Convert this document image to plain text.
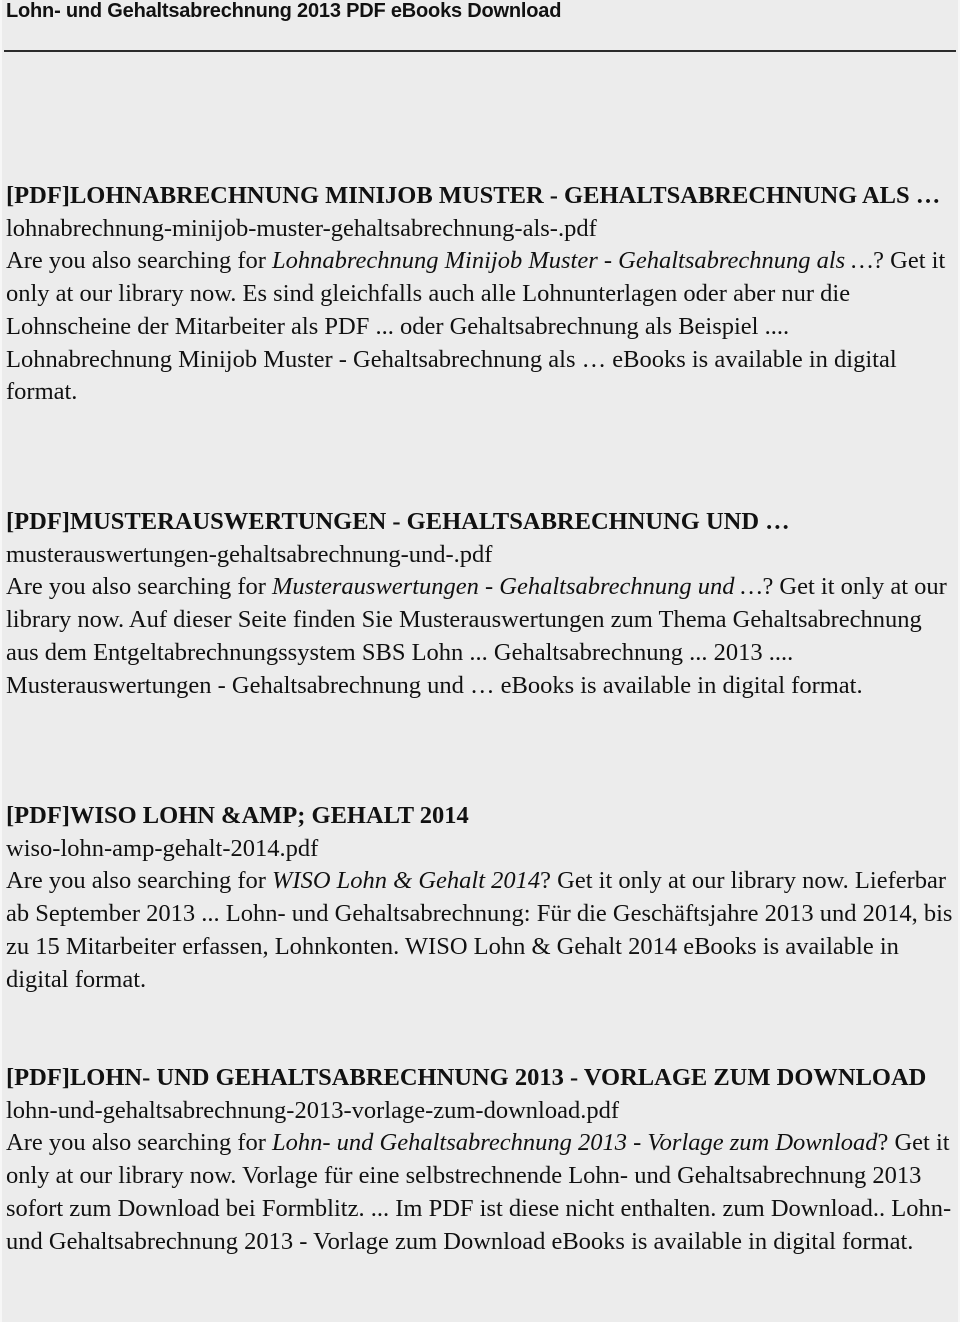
Lohn- und Gehaltsabrechnung 2013 PDF eBooks Download
[PDF]LOHNABRECHNUNG MINIJOB MUSTER - GEHALTSABRECHNUNG ALS …
lohnabrechnung-minijob-muster-gehaltsabrechnung-als-.pdf

Are you also searching for Lohnabrechnung Minijob Muster - Gehaltsabrechnung als …? Get it only at our library now. Es sind gleichfalls auch alle Lohnunterlagen oder aber nur die Lohnscheine der Mitarbeiter als PDF ... oder Gehaltsabrechnung als Beispiel .... Lohnabrechnung Minijob Muster - Gehaltsabrechnung als … eBooks is available in digital format.

[PDF]MUSTERAUSWERTUNGEN - GEHALTSABRECHNUNG UND …
musterauswertungen-gehaltsabrechnung-und-.pdf

Are you also searching for Musterauswertungen - Gehaltsabrechnung und …? Get it only at our library now. Auf dieser Seite finden Sie Musterauswertungen zum Thema Gehaltsabrechnung aus dem Entgeltabrechnungssystem SBS Lohn ... Gehaltsabrechnung ... 2013 .... Musterauswertungen - Gehaltsabrechnung und … eBooks is available in digital format.

[PDF]WISO LOHN &AMP; GEHALT 2014
wiso-lohn-amp-gehalt-2014.pdf

Are you also searching for WISO Lohn & Gehalt 2014? Get it only at our library now. Lieferbar ab September 2013 ... Lohn- und Gehaltsabrechnung: Für die Geschäftsjahre 2013 und 2014, bis zu 15 Mitarbeiter erfassen, Lohnkonten. WISO Lohn & Gehalt 2014 eBooks is available in digital format.

[PDF]LOHN- UND GEHALTSABRECHNUNG 2013 - VORLAGE ZUM DOWNLOAD
lohn-und-gehaltsabrechnung-2013-vorlage-zum-download.pdf

Are you also searching for Lohn- und Gehaltsabrechnung 2013 - Vorlage zum Download? Get it only at our library now. Vorlage für eine selbstrechnende Lohn- und Gehaltsabrechnung 2013 sofort zum Download bei Formblitz. ... Im PDF ist diese nicht enthalten. zum Download.. Lohn- und Gehaltsabrechnung 2013 - Vorlage zum Download eBooks is available in digital format.
